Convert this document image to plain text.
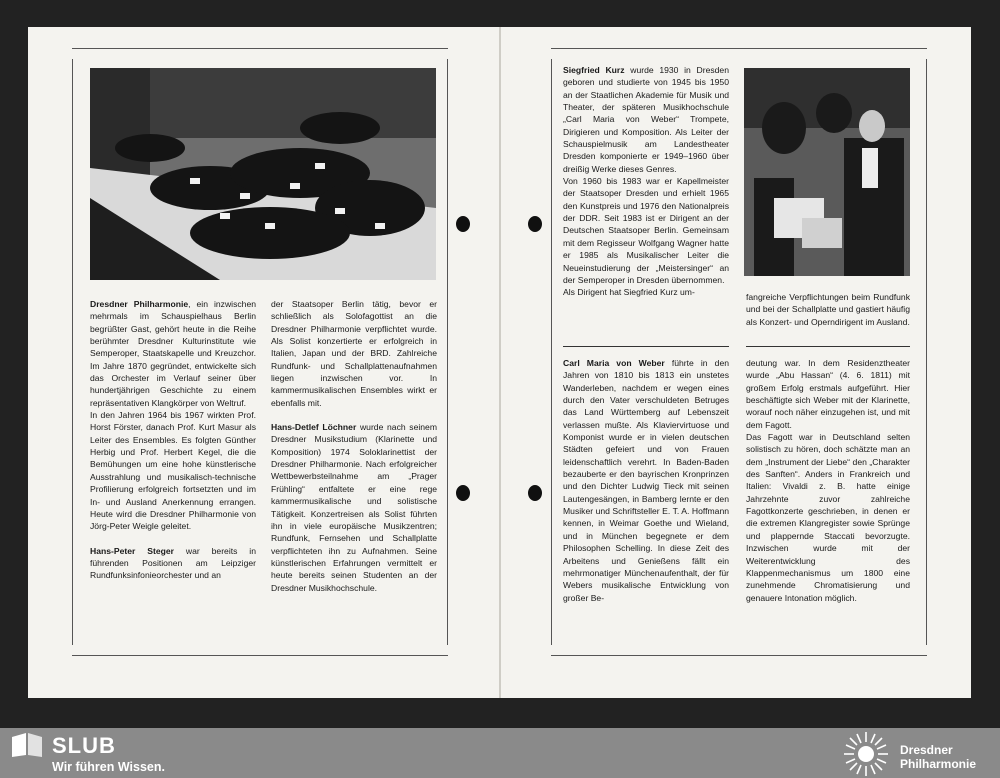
Dresdner Philharmonie, ein inzwischen mehrmals im Schauspielhaus Berlin begrüßter Gast, gehört heute in die Reihe berühmter Dresdner Kulturinstitute wie Semperoper, Staatskapelle und Kreuzchor. Im Jahre 1870 gegründet, entwickelte sich das Orchester im Verlauf seiner über hundertjährigen Geschichte zu einem repräsentativen Klangkörper von Weltruf.

In den Jahren 1964 bis 1967 wirkten Prof. Horst Förster, danach Prof. Kurt Masur als Leiter des Ensembles. Es folgten Günther Herbig und Prof. Herbert Kegel, die die Bemühungen um eine hohe künstlerische Ausstrahlung und musikalisch-technische Profilierung erfolgreich fortsetzten und im In- und Ausland Anerkennung errangen. Heute wird die Dresdner Philharmonie von Jörg-Peter Weigle geleitet.

Hans-Peter Steger war bereits in führenden Positionen am Leipziger Rundfunksinfonieorchester und an

der Staatsoper Berlin tätig, bevor er schließlich als Solofagottist an die Dresdner Philharmonie verpflichtet wurde. Als Solist konzertierte er erfolgreich in Italien, Japan und der BRD. Zahlreiche Rundfunk- und Schallplattenaufnahmen liegen inzwischen vor. In kammermusikalischen Ensembles wirkt er ebenfalls mit.

Hans-Detlef Löchner wurde nach seinem Dresdner Musikstudium (Klarinette und Komposition) 1974 Soloklarinettist der Dresdner Philharmonie. Nach erfolgreicher Wettbewerbsteilnahme am „Prager Frühling“ entfaltete er eine rege kammermusikalische und solistische Tätigkeit. Konzertreisen als Solist führten ihn in viele europäische Musikzentren; Rundfunk, Fernsehen und Schallplatte verpflichteten ihn zu Aufnahmen. Seine künstlerischen Erfahrungen vermittelt er heute bereits seinen Studenten an der Dresdner Musikhochschule.

Siegfried Kurz wurde 1930 in Dresden geboren und studierte von 1945 bis 1950 an der Staatlichen Akademie für Musik und Theater, der späteren Musikhochschule „Carl Maria von Weber“ Trompete, Dirigieren und Komposition. Als Leiter der Schauspielmusik am Landestheater Dresden komponierte er 1949–1960 über dreißig Werke dieses Genres.

Von 1960 bis 1983 war er Kapellmeister der Staatsoper Dresden und erhielt 1965 den Kunstpreis und 1976 den Nationalpreis der DDR. Seit 1983 ist er Dirigent an der Deutschen Staatsoper Berlin. Gemeinsam mit dem Regisseur Wolfgang Wagner hatte er 1985 als Musikalischer Leiter die Neueinstudierung der „Meistersinger“ an der Semperoper in Dresden übernommen.

Als Dirigent hat Siegfried Kurz um-	fangreiche Verpflichtungen beim Rundfunk und bei der Schallplatte und gastiert häufig als Konzert- und Operndirigent im Ausland.

Carl Maria von Weber führte in den Jahren von 1810 bis 1813 ein unstetes Wanderleben, nachdem er wegen eines durch den Vater verschuldeten Betruges das Land Württemberg auf Lebenszeit verlassen mußte. Als Klaviervirtuose und Komponist wurde er in vielen deutschen Städten gefeiert und von Frauen leidenschaftlich verehrt. In Baden-Baden bezauberte er den bayrischen Kronprinzen und den Dichter Ludwig Tieck mit seinen Lautengesängen, in Bamberg lernte er den Musiker und Schriftsteller E. T. A. Hoffmann kennen, in Weimar Goethe und Wieland, und in München begegnete er dem Philosophen Schelling. In diese Zeit des Arbeitens und Genießens fällt ein mehrmonatiger Münchenaufenthalt, der für Webers musikalische Entwicklung von großer Be-

deutung war. In dem Residenztheater wurde „Abu Hassan“ (4. 6. 1811) mit großem Erfolg erstmals aufgeführt. Hier beschäftigte sich Weber mit der Klarinette, worauf noch näher einzugehen ist, und mit dem Fagott.

Das Fagott war in Deutschland selten solistisch zu hören, doch schätzte man an dem „Instrument der Liebe“ den „Charakter des Sanften“. Anders in Frankreich und Italien: Vivaldi z. B. hatte einige Jahrzehnte zuvor zahlreiche Fagottkonzerte geschrieben, in denen er die extremen Klangregister sowie Sprünge und plappernde Staccati bevorzugte. Inzwischen wurde mit der Weiterentwicklung des Klappenmechanismus um 1800 eine zunehmende Chromatisierung und genauere Intonation möglich.

SLUB
Wir führen Wissen.
Dresdner
Philharmonie
